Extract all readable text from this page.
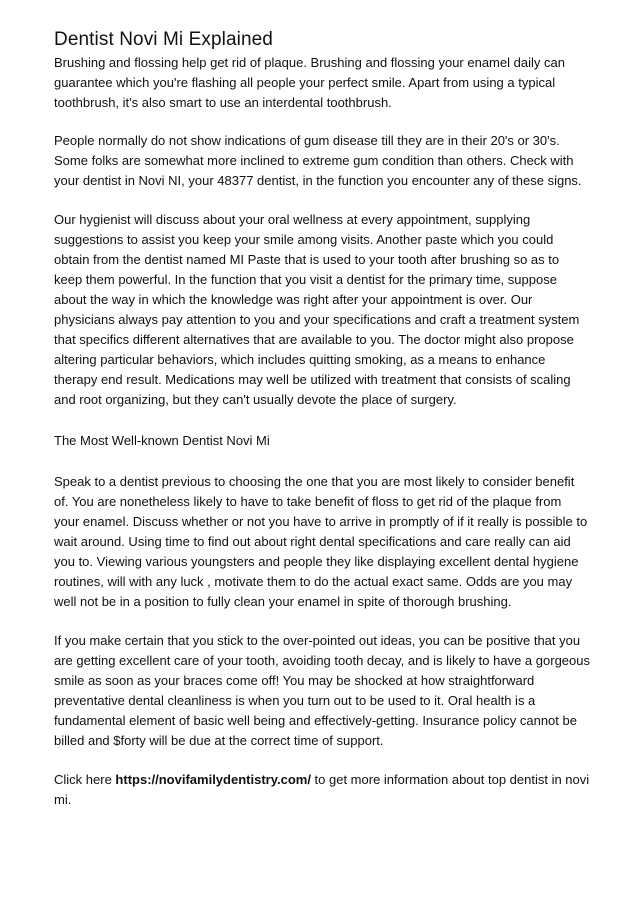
Dentist Novi Mi Explained

Brushing and flossing help get rid of plaque. Brushing and flossing your enamel daily can guarantee which you're flashing all people your perfect smile. Apart from using a typical toothbrush, it's also smart to use an interdental toothbrush.

People normally do not show indications of gum disease till they are in their 20's or 30's. Some folks are somewhat more inclined to extreme gum condition than others. Check with your dentist in Novi NI, your 48377 dentist, in the function you encounter any of these signs.

Our hygienist will discuss about your oral wellness at every appointment, supplying suggestions to assist you keep your smile among visits. Another paste which you could obtain from the dentist named MI Paste that is used to your tooth after brushing so as to keep them powerful. In the function that you visit a dentist for the primary time, suppose about the way in which the knowledge was right after your appointment is over. Our physicians always pay attention to you and your specifications and craft a treatment system that specifics different alternatives that are available to you. The doctor might also propose altering particular behaviors, which includes quitting smoking, as a means to enhance therapy end result. Medications may well be utilized with treatment that consists of scaling and root organizing, but they can't usually devote the place of surgery.

The Most Well-known Dentist Novi Mi

Speak to a dentist previous to choosing the one that you are most likely to consider benefit of. You are nonetheless likely to have to take benefit of floss to get rid of the plaque from your enamel. Discuss whether or not you have to arrive in promptly of if it really is possible to wait around. Using time to find out about right dental specifications and care really can aid you to. Viewing various youngsters and people they like displaying excellent dental hygiene routines, will with any luck , motivate them to do the actual exact same. Odds are you may well not be in a position to fully clean your enamel in spite of thorough brushing.

If you make certain that you stick to the over-pointed out ideas, you can be positive that you are getting excellent care of your tooth, avoiding tooth decay, and is likely to have a gorgeous smile as soon as your braces come off! You may be shocked at how straightforward preventative dental cleanliness is when you turn out to be used to it. Oral health is a fundamental element of basic well being and effectively-getting. Insurance policy cannot be billed and $forty will be due at the correct time of support.

Click here https://novifamilydentistry.com/ to get more information about top dentist in novi mi.
